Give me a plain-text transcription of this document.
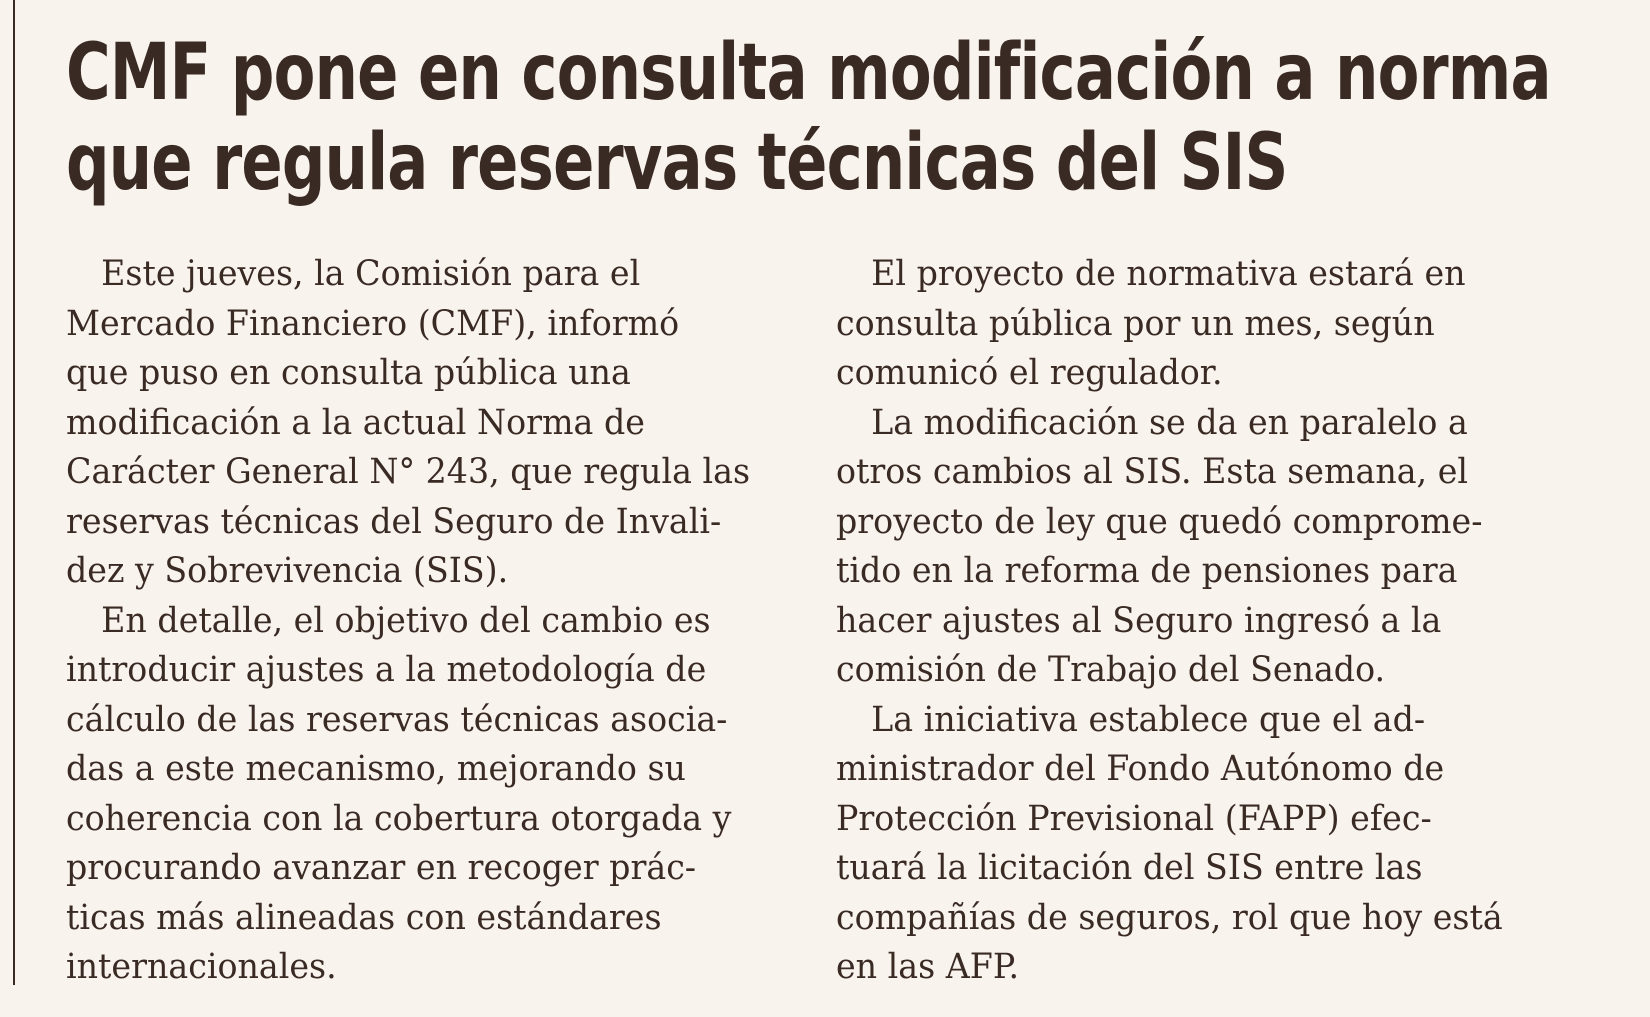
CMF pone en consulta modificación a norma
que regula reservas técnicas del SIS
Este jueves, la Comisión para el
Mercado Financiero (CMF), informó
que puso en consulta pública una
modificación a la actual Norma de
Carácter General N° 243, que regula las
reservas técnicas del Seguro de Invali-
dez y Sobrevivencia (SIS).
En detalle, el objetivo del cambio es
introducir ajustes a la metodología de
cálculo de las reservas técnicas asocia-
das a este mecanismo, mejorando su
coherencia con la cobertura otorgada y
procurando avanzar en recoger prác-
ticas más alineadas con estándares
internacionales.
El proyecto de normativa estará en
consulta pública por un mes, según
comunicó el regulador.
La modificación se da en paralelo a
otros cambios al SIS. Esta semana, el
proyecto de ley que quedó comprome-
tido en la reforma de pensiones para
hacer ajustes al Seguro ingresó a la
comisión de Trabajo del Senado.
La iniciativa establece que el ad-
ministrador del Fondo Autónomo de
Protección Previsional (FAPP) efec-
tuará la licitación del SIS entre las
compañías de seguros, rol que hoy está
en las AFP.
